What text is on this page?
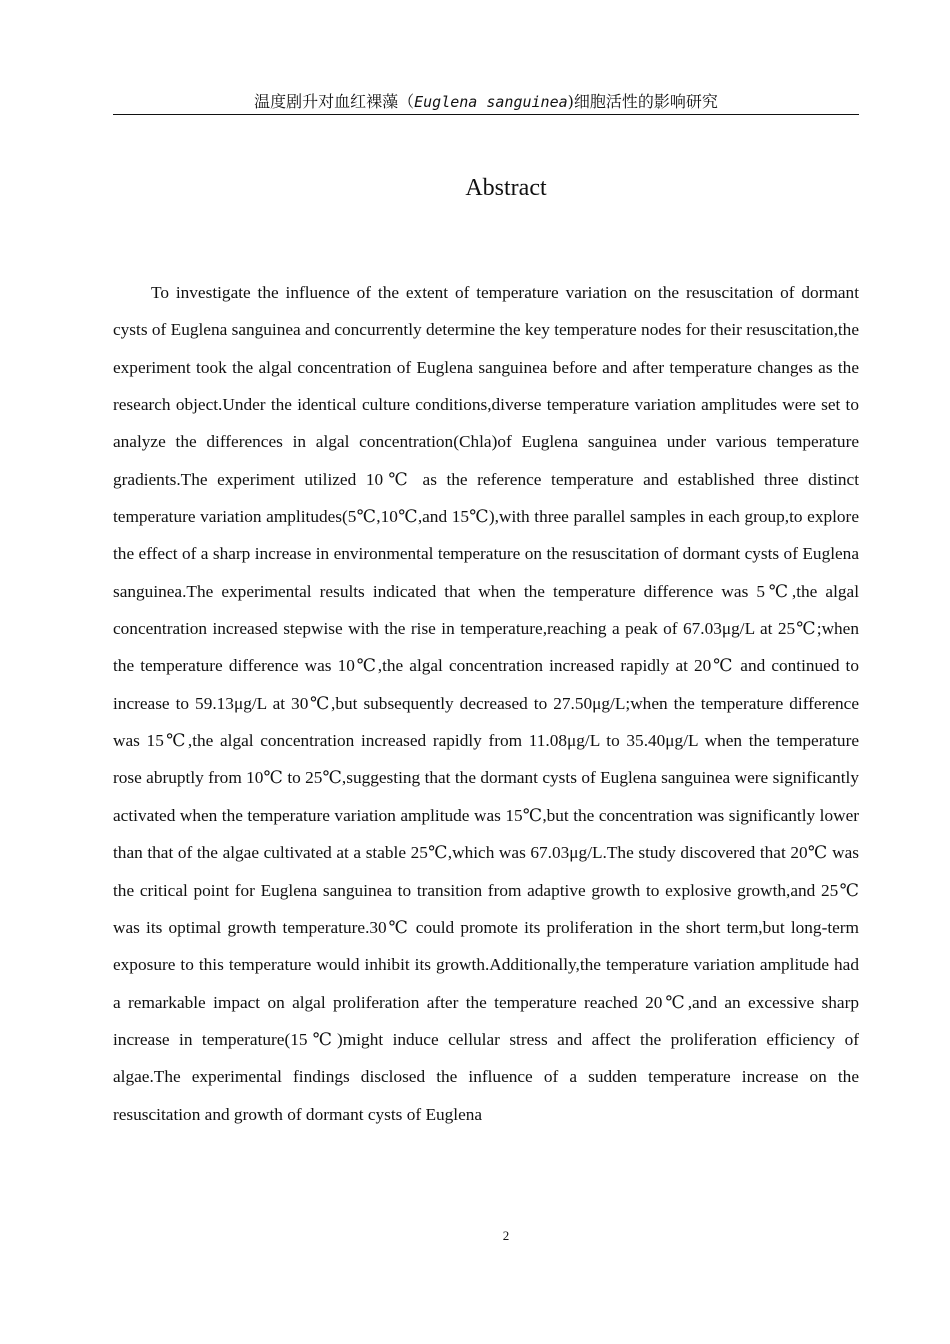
温度剧升对血红裸藻（Euglena sanguinea)细胞活性的影响研究
Abstract

To investigate the influence of the extent of temperature variation on the resuscitation of dormant cysts of Euglena sanguinea and concurrently determine the key temperature nodes for their resuscitation,the experiment took the algal concentration of Euglena sanguinea before and after temperature changes as the research object.Under the identical culture conditions,diverse temperature variation amplitudes were set to analyze the differences in algal concentration(Chla)of Euglena sanguinea under various temperature gradients.The experiment utilized 10℃ as the reference temperature and established three distinct temperature variation amplitudes(5℃,10℃,and 15℃),with three parallel samples in each group,to explore the effect of a sharp increase in environmental temperature on the resuscitation of dormant cysts of Euglena sanguinea.The experimental results indicated that when the temperature difference was 5℃,the algal concentration increased stepwise with the rise in temperature,reaching a peak of 67.03μg/L at 25℃;when the temperature difference was 10℃,the algal concentration increased rapidly at 20℃ and continued to increase to 59.13μg/L at 30℃,but subsequently decreased to 27.50μg/L;when the temperature difference was 15℃,the algal concentration increased rapidly from 11.08μg/L to 35.40μg/L when the temperature rose abruptly from 10℃ to 25℃,suggesting that the dormant cysts of Euglena sanguinea were significantly activated when the temperature variation amplitude was 15℃,but the concentration was significantly lower than that of the algae cultivated at a stable 25℃,which was 67.03μg/L.The study discovered that 20℃ was the critical point for Euglena sanguinea to transition from adaptive growth to explosive growth,and 25℃ was its optimal growth temperature.30℃ could promote its proliferation in the short term,but long-term exposure to this temperature would inhibit its growth.Additionally,the temperature variation amplitude had a remarkable impact on algal proliferation after the temperature reached 20℃,and an excessive sharp increase in temperature(15℃)might induce cellular stress and affect the proliferation efficiency of algae.The experimental findings disclosed the influence of a sudden temperature increase on the resuscitation and growth of dormant cysts of Euglena

2
